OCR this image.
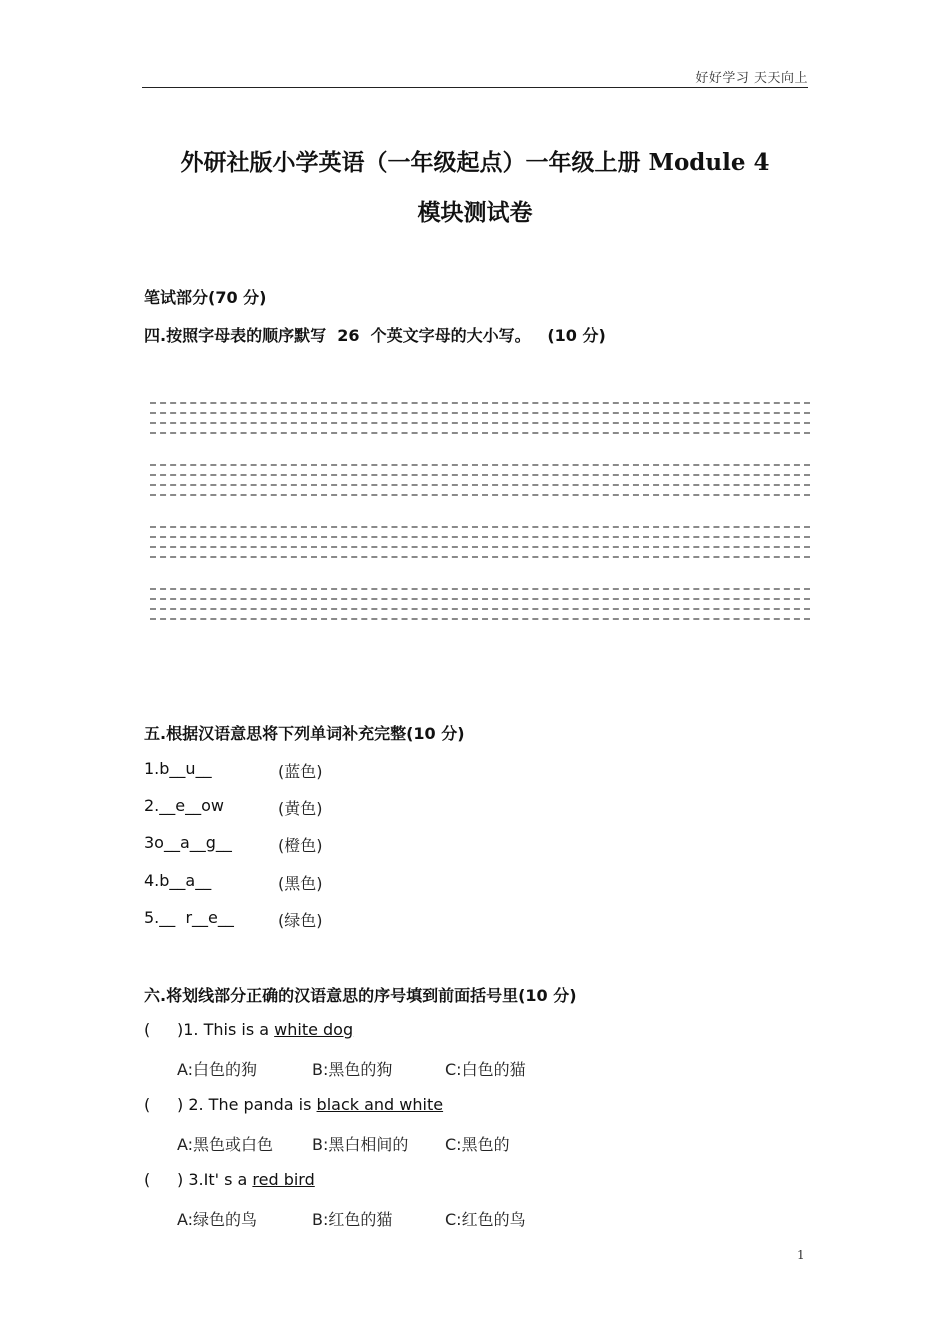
好好学习 天天向上
外研社版小学英语（一年级起点）一年级上册 Module 4
模块测试卷
笔试部分(70 分)
四.按照字母表的顺序默写  26  个英文字母的大小写。   (10 分)
五.根据汉语意思将下列单词补充完整(10 分)
1.b__u__	(蓝色)
2.__e__ow	(黄色)
3o__a__g__	(橙色)
4.b__a__	(黑色)
5.__  r__e__	(绿色)
六.将划线部分正确的汉语意思的序号填到前面括号里(10 分)
( )1. This is a white dog
A:白色的狗	B:黑色的狗	C:白色的猫
( ) 2. The panda is black and white
A:黑色或白色 B:黑白相间的 C:黑色的
( ) 3.It' s a red bird
A:绿色的鸟	B:红色的猫	C:红色的鸟
1
